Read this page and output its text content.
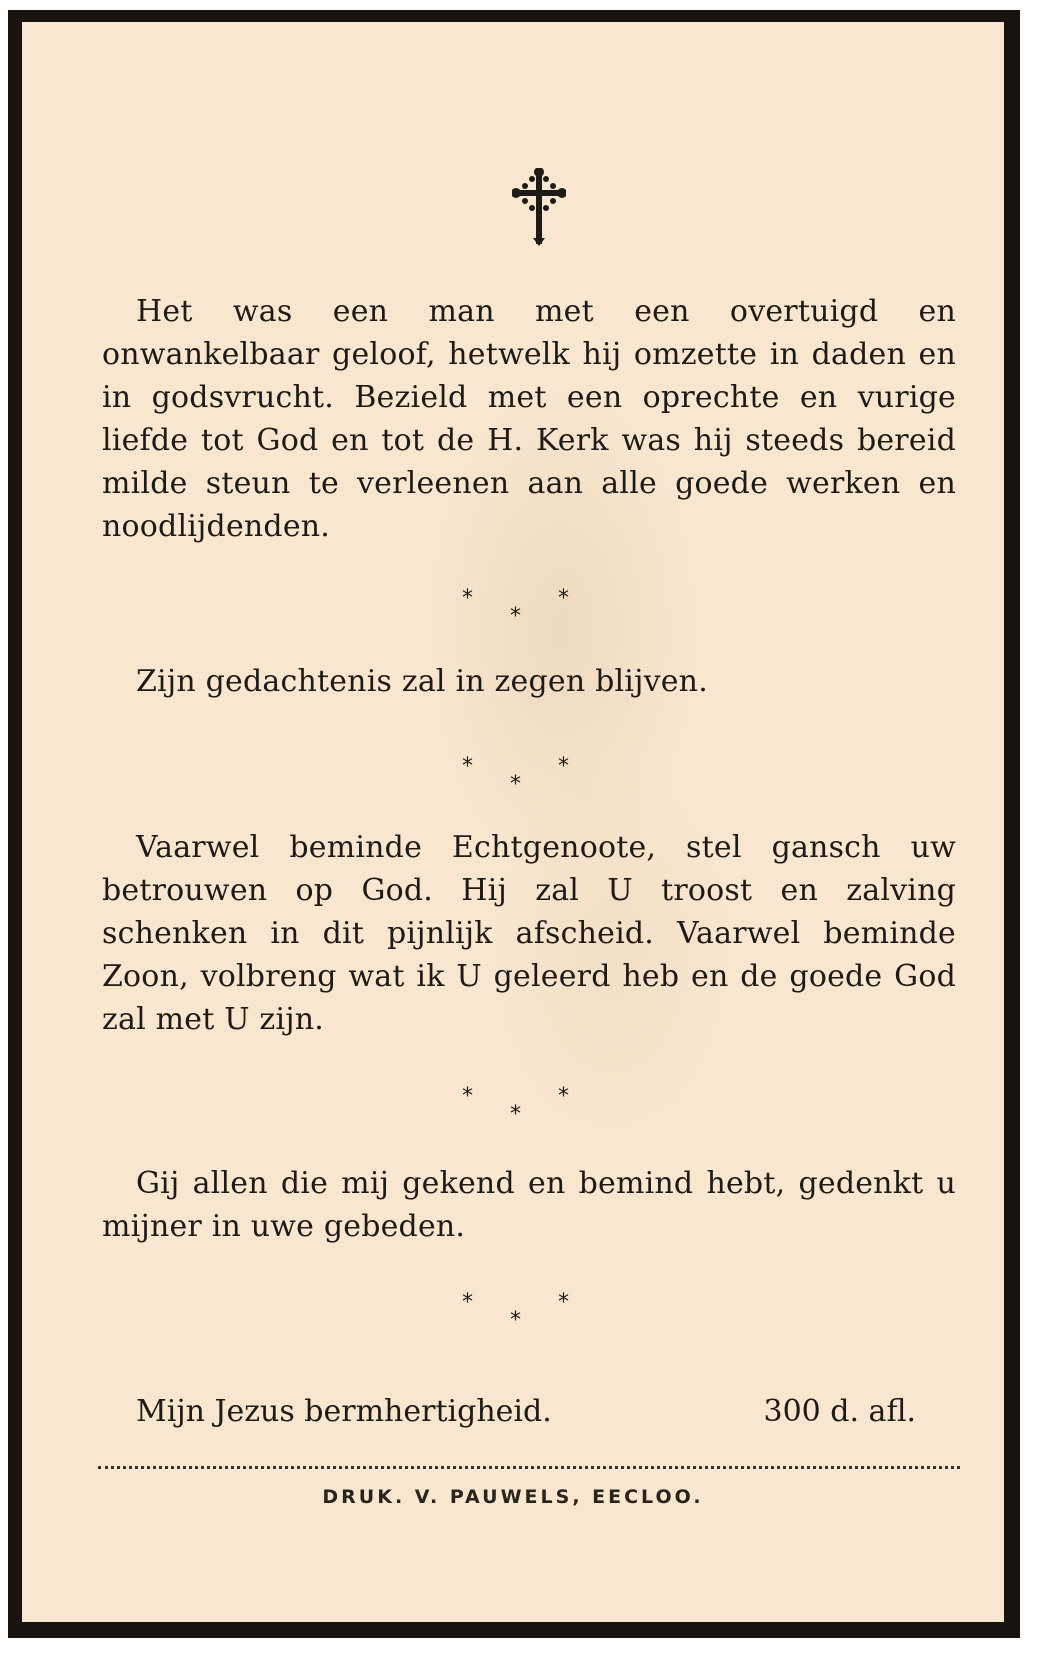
Het was een man met een overtuigd en onwankelbaar geloof, hetwelk hij omzette in daden en in godsvrucht. Bezield met een oprechte en vurige liefde tot God en tot de H. Kerk was hij steeds bereid milde steun te verleenen aan alle goede werken en noodlijdenden.

*
*
*

Zijn gedachtenis zal in zegen blijven.

*
*
*

Vaarwel beminde Echtgenoote, stel gansch uw betrouwen op God. Hij zal U troost en zalving schenken in dit pijnlijk afscheid. Vaarwel beminde Zoon, volbreng wat ik U geleerd heb en de goede God zal met U zijn.

*
*
*

Gij allen die mij gekend en bemind hebt, gedenkt u mijner in uwe gebeden.

*
*
*
Mijn Jezus bermhertigheid.	300 d. afl.
DRUK. V. PAUWELS, EECLOO.
